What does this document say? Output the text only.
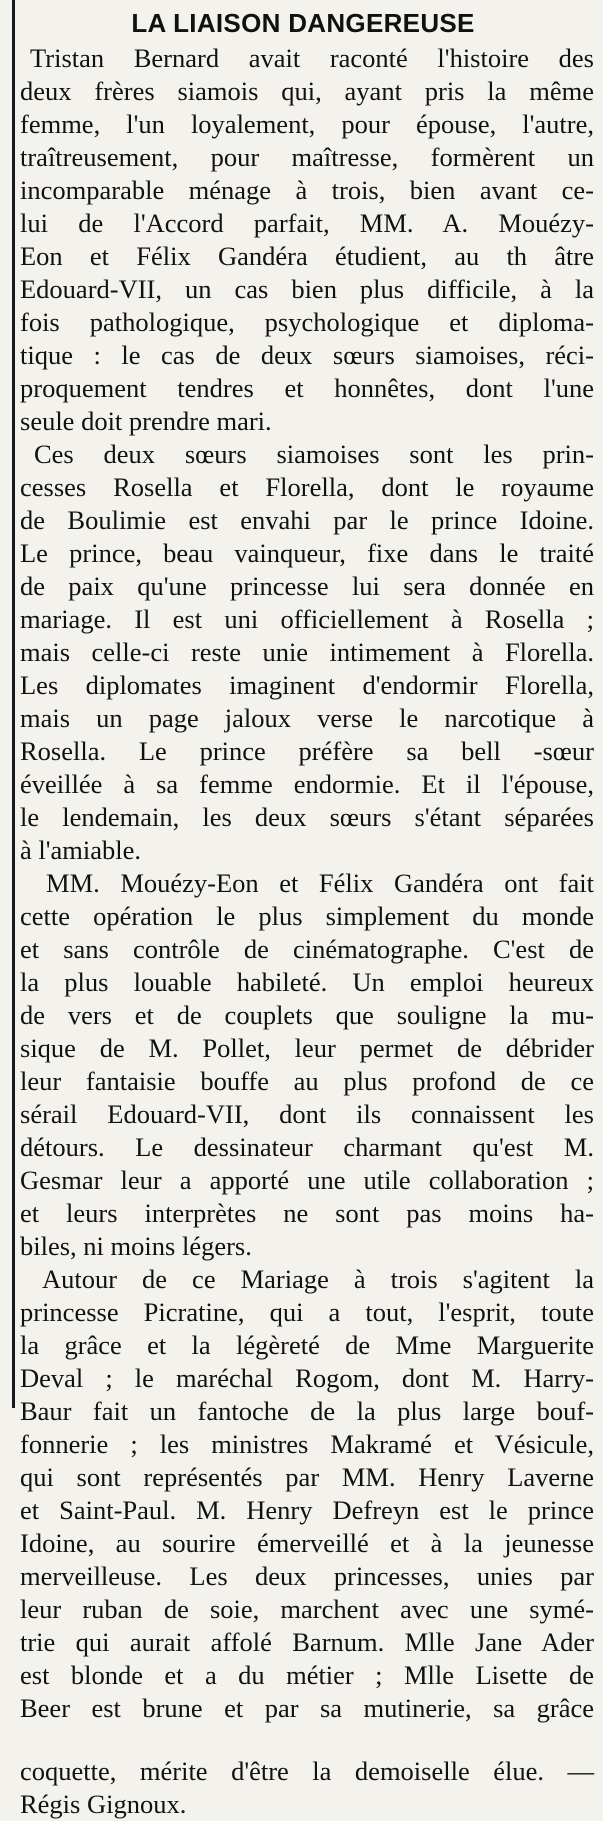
LA LIAISON DANGEREUSE
Tristan Bernard avait raconté l'histoire des
deux frères siamois qui, ayant pris la même
femme, l'un loyalement, pour épouse, l'autre,
traîtreusement, pour maîtresse, formèrent un
incomparable ménage à trois, bien avant ce-
lui de l'Accord parfait, MM. A. Mouézy-
Eon et Félix Gandéra étudient, au th âtre
Edouard-VII, un cas bien plus difficile, à la
fois pathologique, psychologique et diploma-
tique : le cas de deux sœurs siamoises, réci-
proquement tendres et honnêtes, dont l'une
seule doit prendre mari.
Ces deux sœurs siamoises sont les prin-
cesses Rosella et Florella, dont le royaume
de Boulimie est envahi par le prince Idoine.
Le prince, beau vainqueur, fixe dans le traité
de paix qu'une princesse lui sera donnée en
mariage. Il est uni officiellement à Rosella ;
mais celle-ci reste unie intimement à Florella.
Les diplomates imaginent d'endormir Florella,
mais un page jaloux verse le narcotique à
Rosella. Le prince préfère sa bell -sœur
éveillée à sa femme endormie. Et il l'épouse,
le lendemain, les deux sœurs s'étant séparées
à l'amiable.
MM. Mouézy-Eon et Félix Gandéra ont fait
cette opération le plus simplement du monde
et sans contrôle de cinématographe. C'est de
la plus louable habileté. Un emploi heureux
de vers et de couplets que souligne la mu-
sique de M. Pollet, leur permet de débrider
leur fantaisie bouffe au plus profond de ce
sérail Edouard-VII, dont ils connaissent les
détours. Le dessinateur charmant qu'est M.
Gesmar leur a apporté une utile collaboration ;
et leurs interprètes ne sont pas moins ha-
biles, ni moins légers.
Autour de ce Mariage à trois s'agitent la
princesse Picratine, qui a tout, l'esprit, toute
la grâce et la légèreté de Mme Marguerite
Deval ; le maréchal Rogom, dont M. Harry-
Baur fait un fantoche de la plus large bouf-
fonnerie ; les ministres Makramé et Vésicule,
qui sont représentés par MM. Henry Laverne
et Saint-Paul. M. Henry Defreyn est le prince
Idoine, au sourire émerveillé et à la jeunesse
merveilleuse. Les deux princesses, unies par
leur ruban de soie, marchent avec une symé-
trie qui aurait affolé Barnum. Mlle Jane Ader
est blonde et a du métier ; Mlle Lisette de
Beer est brune et par sa mutinerie, sa grâce
coquette, mérite d'être la demoiselle élue. —
Régis Gignoux.
